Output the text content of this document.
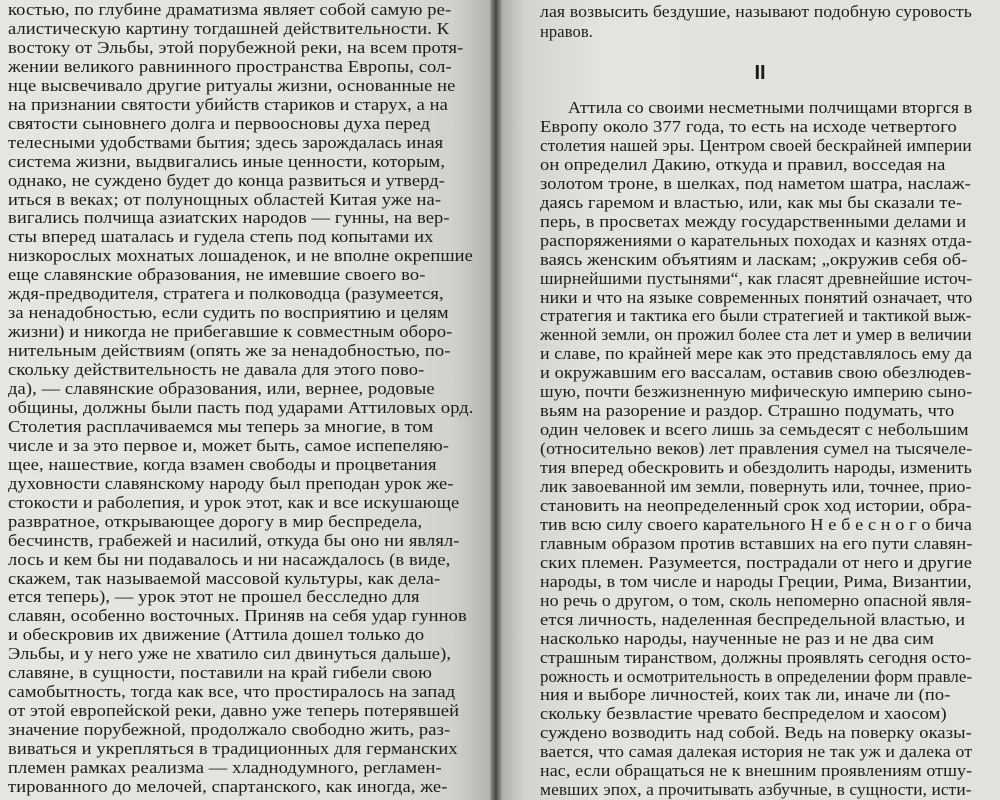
костью, по глубине драматизма являет собой самую ре-
алистическую картину тогдашней действительности. К
востоку от Эльбы, этой порубежной реки, на всем протя-
жении великого равнинного пространства Европы, сол-
нце высвечивало другие ритуалы жизни, основанные не
на признании святости убийств стариков и старух, а на
святости сыновнего долга и первоосновы духа перед
телесными удобствами бытия; здесь зарождалась иная
система жизни, выдвигались иные ценности, которым,
однако, не суждено будет до конца развиться и утверд-
иться в веках; от полунощных областей Китая уже на-
вигались полчища азиатских народов — гунны, на вер-
сты вперед шаталась и гудела степь под копытами их
низкорослых мохнатых лошаденок, и не вполне окрепшие
еще славянские образования, не имевшие своего во-
ждя-предводителя, стратега и полководца (разумеется,
за ненадобностью, если судить по восприятию и целям
жизни) и никогда не прибегавшие к совместным оборо-
нительным действиям (опять же за ненадобностью, по-
скольку действительность не давала для этого пово-
да), — славянские образования, или, вернее, родовые
общины, должны были пасть под ударами Аттиловых орд.
Столетия расплачиваемся мы теперь за многие, в том
числе и за это первое и, может быть, самое испепеляю-
щее, нашествие, когда взамен свободы и процветания
духовности славянскому народу был преподан урок же-
стокости и раболепия, и урок этот, как и все искушающе
развратное, открывающее дорогу в мир беспредела,
бесчинств, грабежей и насилий, откуда бы оно ни являл-
лось и кем бы ни подавалось и ни насаждалось (в виде,
скажем, так называемой массовой культуры, как дела-
ется теперь), — урок этот не прошел бесследно для
славян, особенно восточных. Приняв на себя удар гуннов
и обескровив их движение (Аттила дошел только до
Эльбы, и у него уже не хватило сил двинуться дальше),
славяне, в сущности, поставили на край гибели свою
самобытность, тогда как все, что простиралось на запад
от этой европейской реки, давно уже теперь потерявшей
значение порубежной, продолжало свободно жить, раз-
виваться и укрепляться в традиционных для германских
племен рамках реализма — хладнодумного, регламен-
тированного до мелочей, спартанского, как иногда, же-
лая возвысить бездушие, называют подобную суровость
нравов.
Аттила со своими несметными полчищами вторгся в
Европу около 377 года, то есть на исходе четвертого
столетия нашей эры. Центром своей бескрайней империи
он определил Дакию, откуда и правил, восседая на
золотом троне, в шелках, под наметом шатра, наслаж-
даясь гаремом и властью, или, как мы бы сказали те-
перь, в просветах между государственными делами и
распоряжениями о карательных походах и казнях отда-
ваясь женским объятиям и ласкам; „окружив себя об-
ширнейшими пустынями“, как гласят древнейшие источ-
ники и что на языке современных понятий означает, что
стратегия и тактика его были стратегией и тактикой выж-
женной земли, он прожил более ста лет и умер в величии
и славе, по крайней мере как это представлялось ему да
и окружавшим его вассалам, оставив свою обезлюдев-
шую, почти безжизненную мифическую империю сыно-
вьям на разорение и раздор. Страшно подумать, что
один человек и всего лишь за семьдесят с небольшим
(относительно веков) лет правления сумел на тысячеле-
тия вперед обескровить и обездолить народы, изменить
лик завоеванной им земли, повернуть или, точнее, прио-
становить на неопределенный срок ход истории, обра-
тив всю силу своего карательного Н е б е с н о г о бича
главным образом против вставших на его пути славян-
ских племен. Разумеется, пострадали от него и другие
народы, в том числе и народы Греции, Рима, Византии,
но речь о другом, о том, сколь непомерно опасной явля-
ется личность, наделенная беспредельной властью, и
насколько народы, наученные не раз и не два сим
страшным тиранством, должны проявлять сегодня осто-
рожность и осмотрительность в определении форм правле-
ния и выборе личностей, коих так ли, иначе ли (по-
скольку безвластие чревато беспределом и хаосом)
суждено возводить над собой. Ведь на поверку оказы-
вается, что самая далекая история не так уж и далека от
нас, если обращаться не к внешним проявлениям отшу-
мевших эпох, а прочитывать азбучные, в сущности, исти-
II
